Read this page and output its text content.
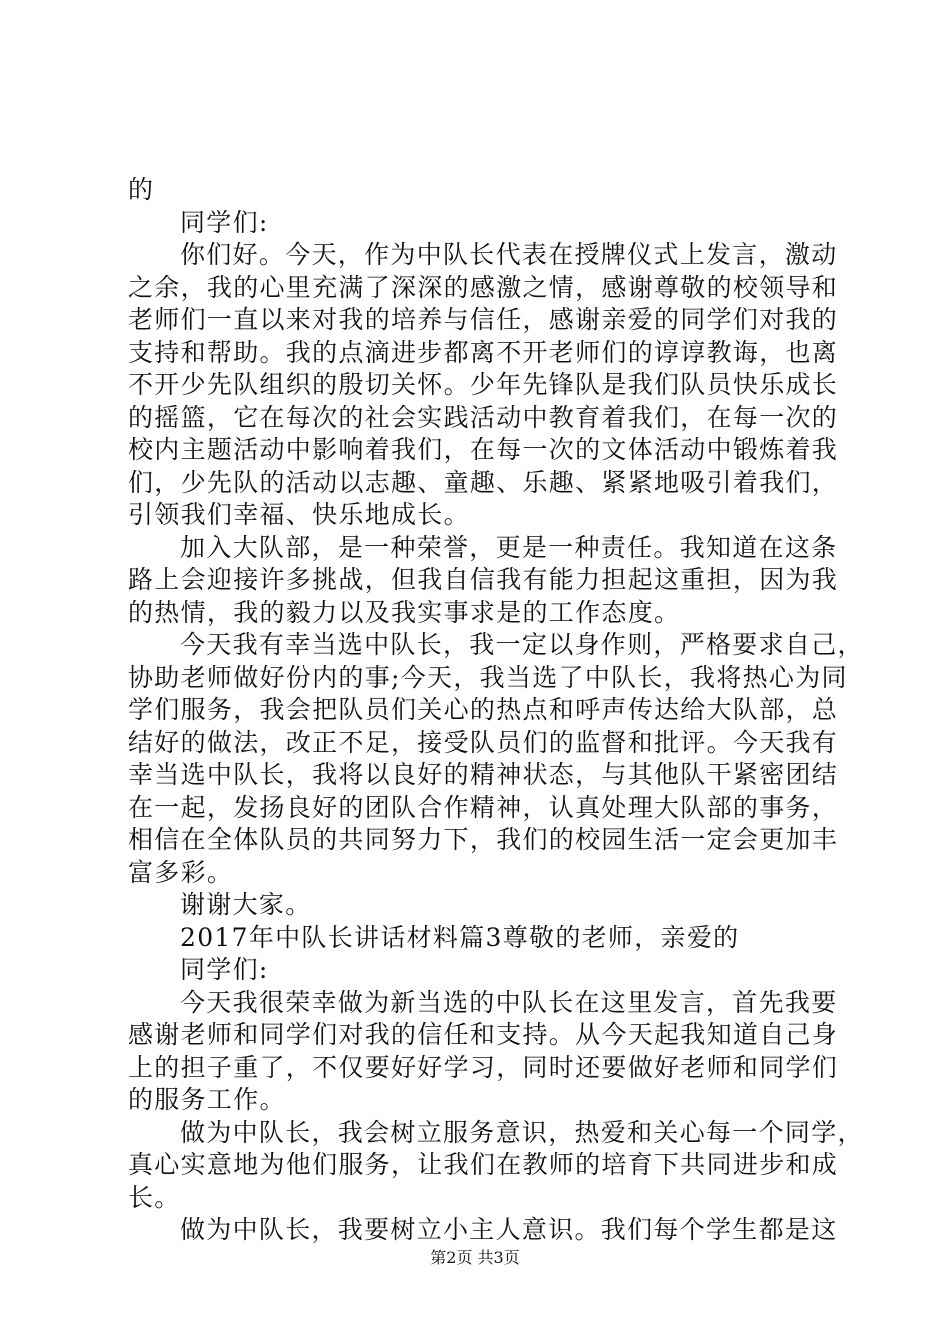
的
同学们:
你们好。今天，作为中队长代表在授牌仪式上发言，激动
之余，我的心里充满了深深的感激之情，感谢尊敬的校领导和
老师们一直以来对我的培养与信任，感谢亲爱的同学们对我的
支持和帮助。我的点滴进步都离不开老师们的谆谆教诲，也离
不开少先队组织的殷切关怀。少年先锋队是我们队员快乐成长
的摇篮，它在每次的社会实践活动中教育着我们，在每一次的
校内主题活动中影响着我们，在每一次的文体活动中锻炼着我
们，少先队的活动以志趣、童趣、乐趣、紧紧地吸引着我们，
引领我们幸福、快乐地成长。
加入大队部，是一种荣誉，更是一种责任。我知道在这条
路上会迎接许多挑战，但我自信我有能力担起这重担，因为我
的热情，我的毅力以及我实事求是的工作态度。
今天我有幸当选中队长，我一定以身作则，严格要求自己，
协助老师做好份内的事;今天，我当选了中队长，我将热心为同
学们服务，我会把队员们关心的热点和呼声传达给大队部，总
结好的做法，改正不足，接受队员们的监督和批评。今天我有
幸当选中队长，我将以良好的精神状态，与其他队干紧密团结
在一起，发扬良好的团队合作精神，认真处理大队部的事务，
相信在全体队员的共同努力下，我们的校园生活一定会更加丰
富多彩。
谢谢大家。
2017年中队长讲话材料篇3尊敬的老师，亲爱的
同学们:
今天我很荣幸做为新当选的中队长在这里发言，首先我要
感谢老师和同学们对我的信任和支持。从今天起我知道自己身
上的担子重了，不仅要好好学习，同时还要做好老师和同学们
的服务工作。
做为中队长，我会树立服务意识，热爱和关心每一个同学，
真心实意地为他们服务，让我们在教师的培育下共同进步和成
长。
做为中队长，我要树立小主人意识。我们每个学生都是这
第2页 共3页
